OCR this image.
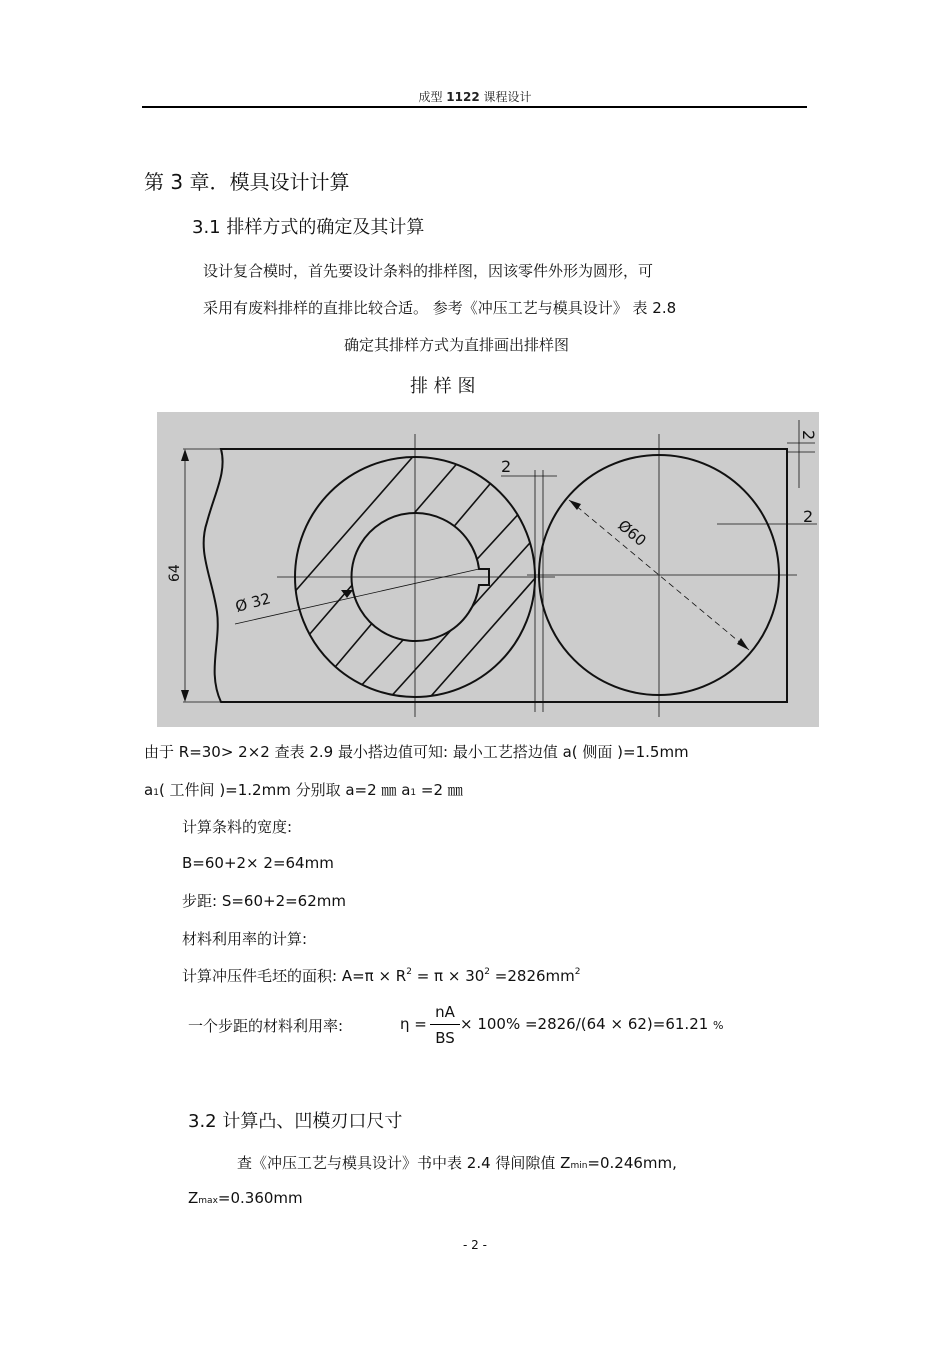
成型 1122 课程设计
第 3 章．模具设计计算
3.1 排样方式的确定及其计算
设计复合模时，首先要设计条料的排样图，因该零件外形为圆形，可
采用有废料排样的直排比较合适。 参考《冲压工艺与模具设计》 表 2.8
确定其排样方式为直排画出排样图
排 样 图
64
Ø 32
Ø60
2
2
2
由于 R=30> 2×2 查表 2.9 最小搭边值可知: 最小工艺搭边值 a( 侧面 )=1.5mm
a1( 工件间 )=1.2mm 分别取 a=2 ㎜ a1 =2 ㎜
计算条料的宽度:
B=60+2× 2=64mm
步距: S=60+2=62mm
材料利用率的计算:
计算冲压件毛坯的面积: $A=\pi \times R^2 = \pi \times 30^2 =2826mm^2$
一个步距的材料利用率:	η =
nA
BS
× 100% =2826/(64 × 62)=61.21 %
3.2 计算凸、凹模刃口尺寸
查《冲压工艺与模具设计》书中表 2.4 得间隙值 Zmin=0.246mm,
Zmax=0.360mm
- 2 -
